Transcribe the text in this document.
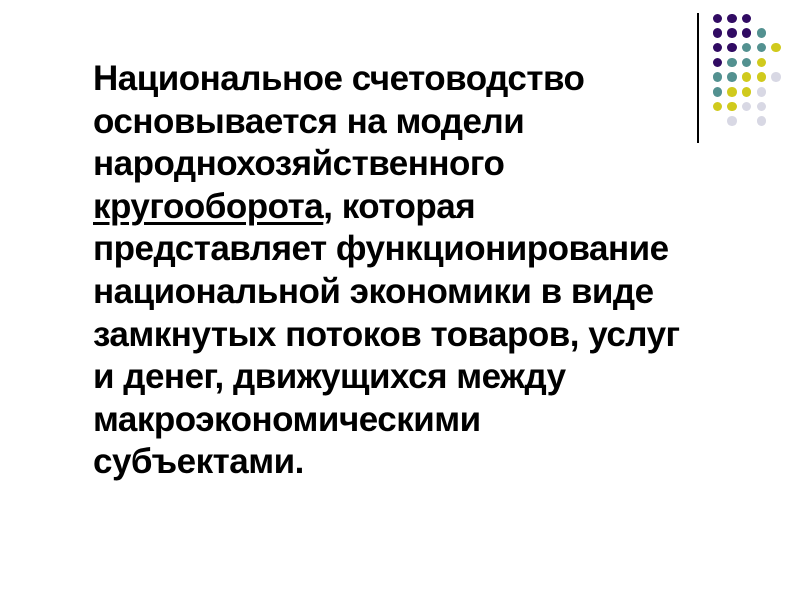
Национальное счетоводство
основывается на модели
народнохозяйственного
кругооборота, которая
представляет функционирование
национальной экономики в виде
замкнутых потоков товаров, услуг
и денег, движущихся между
макроэкономическими
субъектами.
